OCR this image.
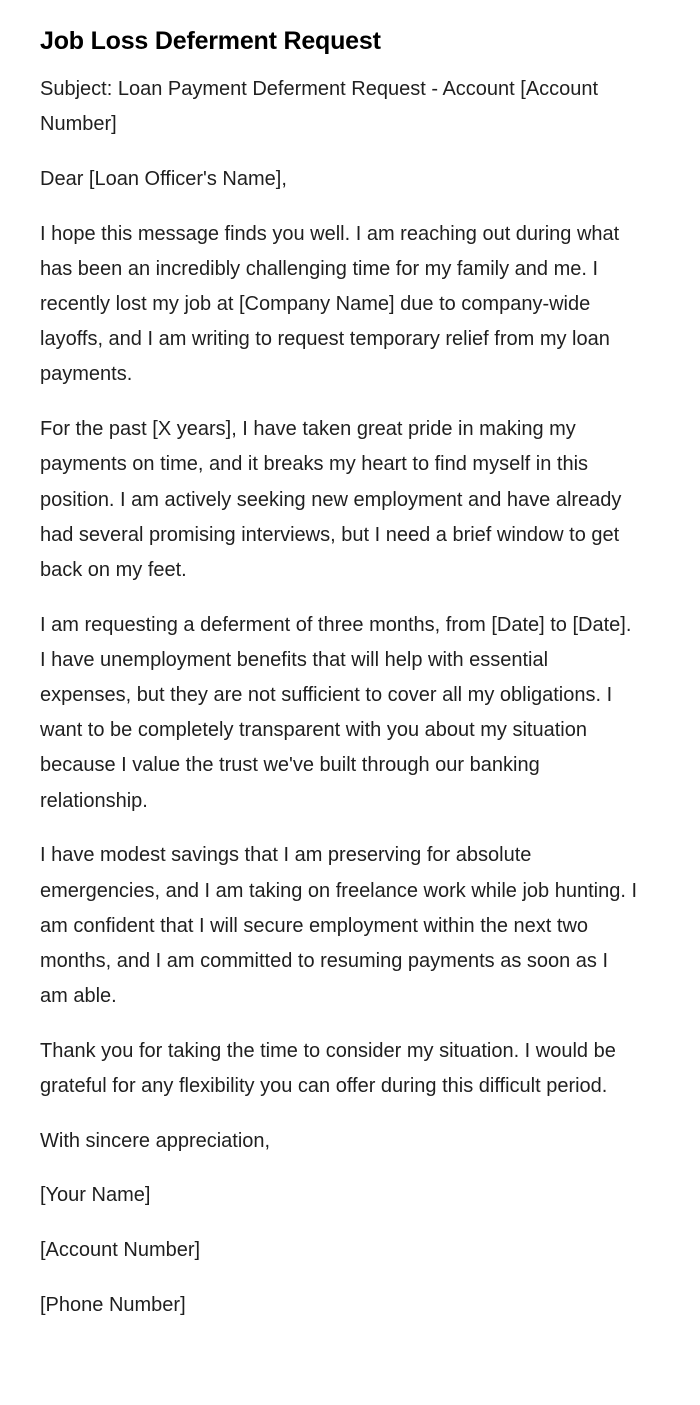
Job Loss Deferment Request

Subject: Loan Payment Deferment Request - Account [Account Number]

Dear [Loan Officer's Name],

I hope this message finds you well. I am reaching out during what has been an incredibly challenging time for my family and me. I recently lost my job at [Company Name] due to company-wide layoffs, and I am writing to request temporary relief from my loan payments.

For the past [X years], I have taken great pride in making my payments on time, and it breaks my heart to find myself in this position. I am actively seeking new employment and have already had several promising interviews, but I need a brief window to get back on my feet.

I am requesting a deferment of three months, from [Date] to [Date]. I have unemployment benefits that will help with essential expenses, but they are not sufficient to cover all my obligations. I want to be completely transparent with you about my situation because I value the trust we've built through our banking relationship.

I have modest savings that I am preserving for absolute emergencies, and I am taking on freelance work while job hunting. I am confident that I will secure employment within the next two months, and I am committed to resuming payments as soon as I am able.

Thank you for taking the time to consider my situation. I would be grateful for any flexibility you can offer during this difficult period.

With sincere appreciation,

[Your Name]

[Account Number]

[Phone Number]
